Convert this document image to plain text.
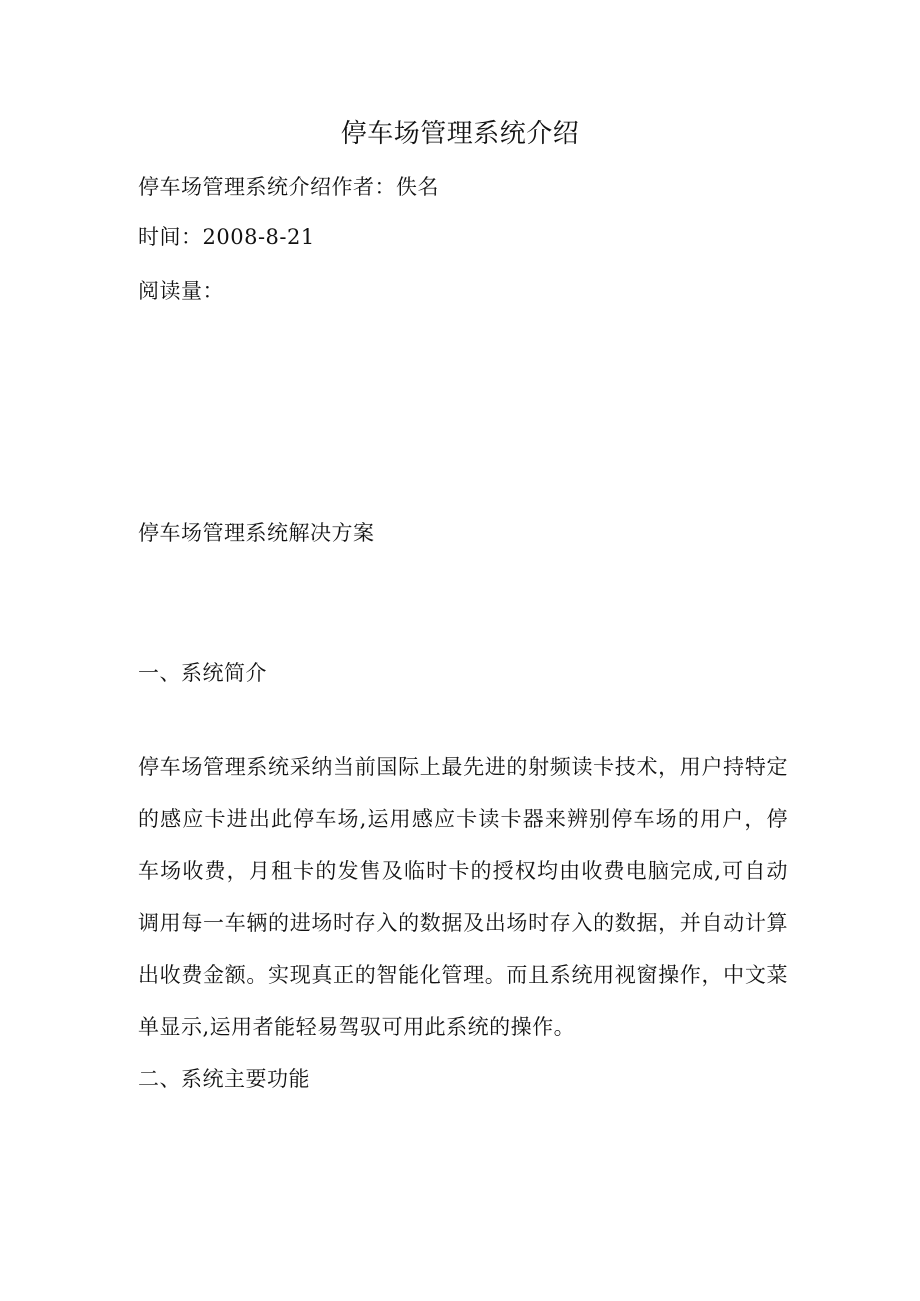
停车场管理系统介绍
停车场管理系统介绍作者：佚名
时间：2008-8-21
阅读量：
停车场管理系统解决方案
一、系统简介
停车场管理系统采纳当前国际上最先进的射频读卡技术，用户持特定
的感应卡进出此停车场,运用感应卡读卡器来辨别停车场的用户，停
车场收费，月租卡的发售及临时卡的授权均由收费电脑完成,可自动
调用每一车辆的进场时存入的数据及出场时存入的数据，并自动计算
出收费金额。实现真正的智能化管理。而且系统用视窗操作，中文菜
单显示,运用者能轻易驾驭可用此系统的操作。
二、系统主要功能
